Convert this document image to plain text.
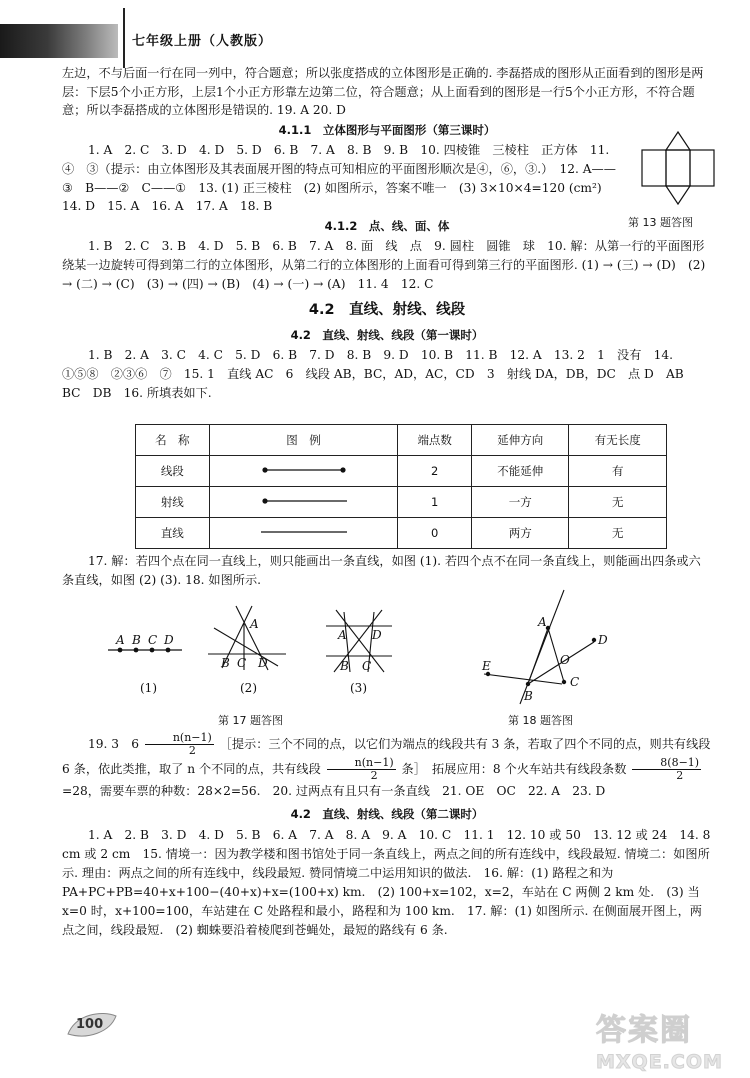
七年级上册（人教版）

左边，不与后面一行在同一列中，符合题意；所以张度搭成的立体图形是正确的. 李磊搭成的图形从正面看到的图形是两层：下层5个小正方形，上层1个小正方形靠左边第二位，符合题意；从上面看到的图形是一行5个小正方形，不符合题意；所以李磊搭成的立体图形是错误的. 19. A 20. D

4.1.1　立体图形与平面图形（第三课时）

1. A　2. C　3. D　4. D　5. D　6. B　7. A　8. B　9. B　10. 四棱锥　三棱柱　正方体　11. ④　③（提示：由立体图形及其表面展开图的特点可知相应的平面图形顺次是④，⑥，③.）　12. A——③　B——②　C——①　13. (1) 正三棱柱　(2) 如图所示，答案不唯一　(3) 3×10×4=120 (cm²)　14. D　15. A　16. A　17. A　18. B

4.1.2　点、线、面、体

1. B　2. C　3. B　4. D　5. B　6. B　7. A　8. 面　线　点　9. 圆柱　圆锥　球　10. 解：从第一行的平面图形绕某一边旋转可得到第二行的立体图形，从第二行的立体图形的上面看可得到第三行的平面图形. (1) → (三) → (D)　(2) → (二) → (C)　(3) → (四) → (B)　(4) → (一) → (A)　11. 4　12. C

4.2　直线、射线、线段
4.2　直线、射线、线段（第一课时）

1. B　2. A　3. C　4. C　5. D　6. B　7. D　8. B　9. D　10. B　11. B　12. A　13. 2　1　没有　14. ①⑤⑧　②③⑥　⑦　15. 1　直线 AC　6　线段 AB，BC，AD，AC，CD　3　射线 DA，DB，DC　点 D　AB　BC　DB　16. 所填表如下.

第 13 题答图
名　称	图　例	端点数	延伸方向	有无长度
线段		2	不能延伸	有
射线		1	一方	无
直线		0	两方	无

17. 解：若四个点在同一直线上，则只能画出一条直线，如图 (1). 若四个点不在同一条直线上，则能画出四条或六条直线，如图 (2) (3). 18. 如图所示.

A B C D
(1)
A
B C D
(2)
A D
B C
(3)
A
D
E	O
B
C
第 17 题答图	第 18 题答图

19. 3　$6 \frac{n(n-1)}{2}$ ［提示：三个不同的点，以它们为端点的线段共有 3 条，若取了四个不同的点，则共有线段 6 条，依此类推，取了 n 个不同的点，共有线段 $\frac{n(n-1)}{2}$ 条］　拓展应用：8 个火车站共有线段条数 $\frac{8(8-1)}{2}$
=28，需要车票的种数：28×2=56.　20. 过两点有且只有一条直线　21. OE　OC　22. A　23. D

4.2　直线、射线、线段（第二课时）

1. A　2. B　3. D　4. D　5. B　6. A　7. A　8. A　9. A　10. C　11. 1　12. 10 或 50　13. 12 或 24　14. 8 cm 或 2 cm　15. 情境一：因为教学楼和图书馆处于同一条直线上，两点之间的所有连线中，线段最短. 情境二：如图所示. 理由：两点之间的所有连线中，线段最短. 赞同情境二中运用知识的做法.　16. 解：(1) 路程之和为 PA+PC+PB=40+x+100−(40+x)+x=(100+x) km.　(2) 100+x=102，x=2，车站在 C 两侧 2 km 处.　(3) 当 x=0 时，x+100=100，车站建在 C 处路程和最小，路程和为 100 km.　17. 解：(1) 如图所示. 在侧面展开图上，两点之间，线段最短.　(2) 蜘蛛要沿着棱爬到苍蝇处，最短的路线有 6 条.

100	答案圈
MXQE.COM
